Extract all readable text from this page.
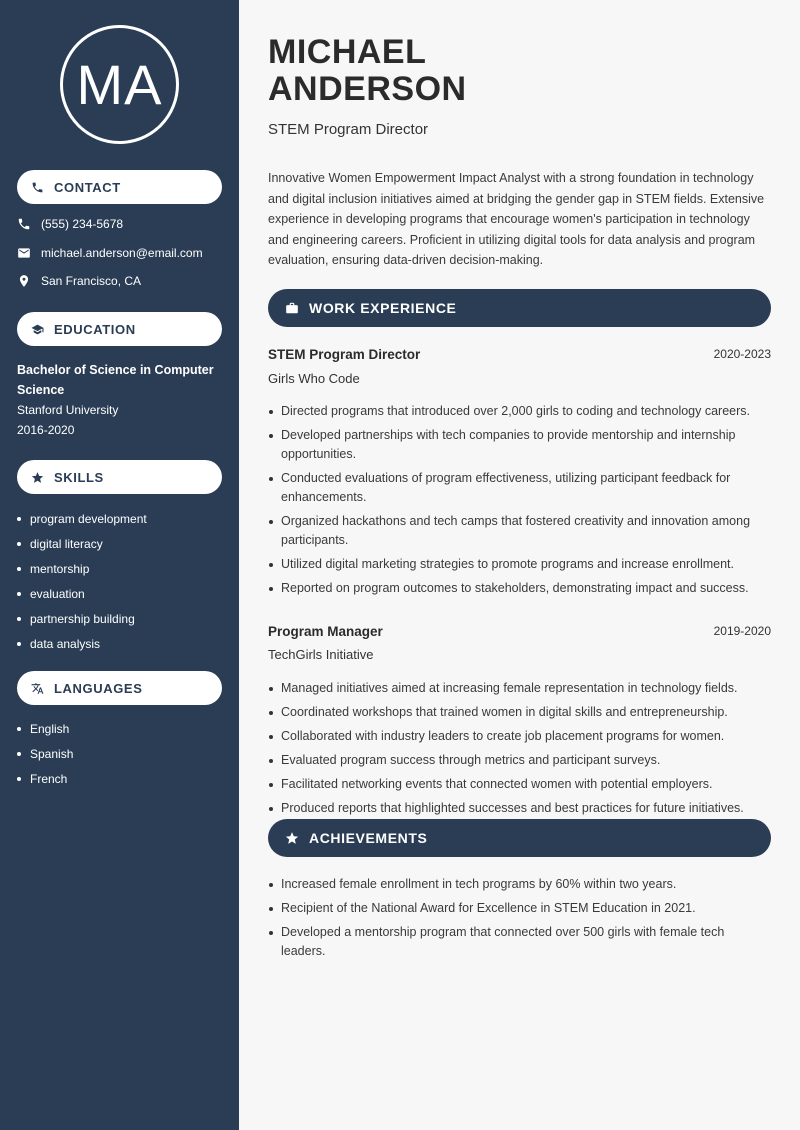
MA
CONTACT
(555) 234-5678
michael.anderson@email.com
San Francisco, CA
EDUCATION
Bachelor of Science in Computer Science
Stanford University
2016-2020
SKILLS
program development
digital literacy
mentorship
evaluation
partnership building
data analysis
LANGUAGES
English
Spanish
French
MICHAEL
ANDERSON
STEM Program Director

Innovative Women Empowerment Impact Analyst with a strong foundation in technology and digital inclusion initiatives aimed at bridging the gender gap in STEM fields. Extensive experience in developing programs that encourage women's participation in technology and engineering careers. Proficient in utilizing digital tools for data analysis and program evaluation, ensuring data-driven decision-making.

WORK EXPERIENCE
STEM Program Director	2020-2023
Girls Who Code
Directed programs that introduced over 2,000 girls to coding and technology careers.
Developed partnerships with tech companies to provide mentorship and internship opportunities.
Conducted evaluations of program effectiveness, utilizing participant feedback for enhancements.
Organized hackathons and tech camps that fostered creativity and innovation among participants.
Utilized digital marketing strategies to promote programs and increase enrollment.
Reported on program outcomes to stakeholders, demonstrating impact and success.
Program Manager	2019-2020
TechGirls Initiative
Managed initiatives aimed at increasing female representation in technology fields.
Coordinated workshops that trained women in digital skills and entrepreneurship.
Collaborated with industry leaders to create job placement programs for women.
Evaluated program success through metrics and participant surveys.
Facilitated networking events that connected women with potential employers.
Produced reports that highlighted successes and best practices for future initiatives.
ACHIEVEMENTS
Increased female enrollment in tech programs by 60% within two years.
Recipient of the National Award for Excellence in STEM Education in 2021.
Developed a mentorship program that connected over 500 girls with female tech leaders.
